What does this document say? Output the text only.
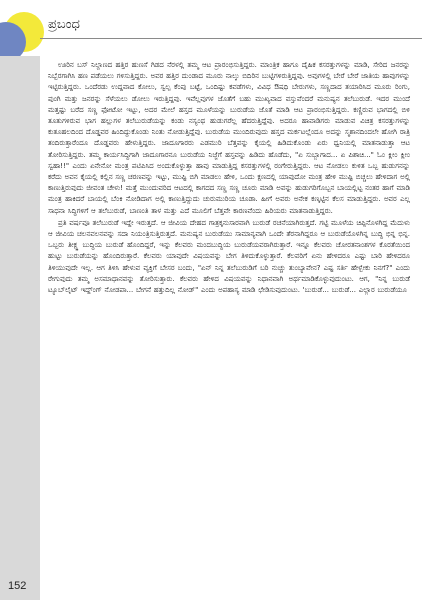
ಪ್ರಬಂಧ

ಊರಿನ ಬಸ್ ನಿಲ್ದಾಣದ ಹತ್ತಿರ ಹುಣಸೆ ಗಿಡದ ನೆರಳಲ್ಲಿ ತಮ್ಮ ಆಟ ಪ್ರಾರಂಭಿಸುತ್ತಿದ್ದರು. ಮಾಂತ್ರಿಕ ಹಾಗೂ ದೈಹಿಕ ಕಸರತ್ತುಗಳನ್ನು ಮಾಡಿ, ಸೇರಿದ ಜನರನ್ನು ನಿಬ್ಬೆರಗಾಗಿಸಿ ಹಣ ಪಡೆಯಲು ಗಳಿಸುತ್ತಿದ್ದರು. ಅವರ ಹತ್ತಿರ ದುಂಡಾದ ಮೂರು ನಾಲ್ಕು ಬಿದಿರಿನ ಬುಟ್ಟಿಗಳಿರುತ್ತಿದ್ದವು. ಅವುಗಳಲ್ಲಿ ಬೇರೆ ಬೇರೆ ಜಾತಿಯ ಹಾವುಗಳನ್ನು ಇಟ್ಟಿರುತ್ತಿದ್ದರು. ಒಂದೆರಡು ಉದ್ದವಾದ ಕೋಲು, ಸ್ವಲ್ಪ ಕೆಂಪು ಬಟ್ಟೆ, ಒಂದಿಷ್ಟು ಕವಡೆಗಳು, ವಿವಿಧ ಔಷಧಿ ಬೇರುಗಳು, ಸಣ್ಣದಾದ ತಯಾರಿಸಿದ ಮೂರು ರಿಂಗು, ಪುಂಗಿ ಮತ್ತು ಜನರನ್ನು ಸೆಳೆಯಲು ಡೋಲು ಇರುತ್ತಿದ್ದವು. ಇವೆಲ್ಲವುಗಳ ಜೊತೆಗೆ ಬಹು ಮುಖ್ಯವಾದ ವಸ್ತುವೆಂದರೆ ಮನುಷ್ಯನ ತಲೆಬುರುಡೆ. ಇದರ ಮುಂದೆ ಮತ್ತಷ್ಟು ಬರೆದ ಸಣ್ಣ ಫೋಟೋ ಇಟ್ಟು, ಅದರ ಮೇಲೆ ಹಸ್ತದ ಮೂಳೆಯನ್ನು ಬುರುಡೆಯ ಜೊತೆ ಮಾಡಿ ಆಟ ಪ್ರಾರಂಭಿಸುತ್ತಿದ್ದರು. ಕಣ್ಣಿರುವ ಭಾಗದಲ್ಲಿ ಬಿಳಿ ತೂತುಗಳಿರುವ ಭಾಗ ಹಲ್ಲುಗಳ ತಲೆಬುರುಡೆಯನ್ನು ಕಂಡು ನಸ್ಯಂಥ ಹುಡುಗರೆಲ್ಲ ಹೆದರುತ್ತಿದ್ದೆವು. ಅದರೂ ಹಾವಾಡಿಗರು ಮಾಡುವ ವಿಚಿತ್ರ ಕಸರತ್ತುಗಳನ್ನು ಕುತೂಹಲದಿಂದ ದೊಡ್ಡವರ ಹಿಂದಿದ್ದುಕೊಂಡು ನಿಂತು ನೋಡುತ್ತಿದ್ದೆವು. ಬುರುಡೆಯ ಮುಂದಿರುವುದು ಹಸ್ತದ ಮರ್ಕಟಲ್ಲೆಂದೂ ಅದನ್ನು ಸ್ಮಶಾನದಿಂದಲೇ ಹೋಗಿ ರಾತ್ರಿ ತಂದಿರುತ್ತಾರೆಂದೂ ದೊಡ್ಡವರು ಹೇಳುತ್ತಿದ್ದರು. ಜಾದೂಗಾರರು ಎಡಮುರಿ ಬೆತ್ತವನ್ನು ಕೈಯಲ್ಲಿ ಹಿಡಿದುಕೊಂಡು ಏರು ಧ್ವನಿಯಲ್ಲಿ ಮಾತನಾಡುತ್ತಾ ಆಟ ತೋರಿಸುತ್ತಿದ್ದರು. ತಮ್ಮ ಕಾರ್ಯಸಿದ್ಧಿಗಾಗಿ ಜಾದೂಗಾರನೂ ಬುರುಡೆಯ ನಿಜ್ಜೆಗೆ ಹಸ್ತವನ್ನು ಹಿಡಿದು ಹೊಡೆದು, "ಏ ಸುಬ್ಬಾಗಾದ... ಏ ಪಿಶಾಚಿ..." ಓಂ ಕ್ಲೀಂ ಕ್ಲೀಂ ಸ್ವಹಾ!!" ಎಂದು ಏನೇನೋ ಮಂತ್ರ ಪಟಿಪಿಸಿದ ಅಂದುಕೊಳ್ಳುತ್ತಾ ಹಾವು ಮಾಡುತ್ತಿದ್ದ ಕಸರತ್ತುಗಳಲ್ಲಿ ರಂಗೇರುತ್ತಿದ್ದರು. ಆಟ ನೋಡಲು ಕುಳಿತ ಒಬ್ಬ ಹುಡುಗನನ್ನು ಕರೆದು ಅವನ ಕೈಯಲ್ಲಿ ಕಲ್ಲಿನ ಸಣ್ಣ ಚರಣವನ್ನು ಇಟ್ಟು, ಮುಷ್ಟಿ ಬಿಗಿ ಮಾಡಲು ಹೇಳಿ, ಒಂದು ಕ್ಷಣದಲ್ಲಿ ಯಾವುದೋ ಮಂತ್ರ ಹೇಳಿ ಮುಷ್ಟಿ ಬಿಚ್ಚಲು ಹೇಳಿದಾಗ ಅಲ್ಲಿ ಕಾಣುತ್ತಿರುವುದು ಜೀವಂತ ಚೇಳು! ಮತ್ತೆ ಮುಂದುವರಿದ ಆಟದಲ್ಲಿ ಕಾಗದದ ಸಣ್ಣ ಸಣ್ಣ ಚೂರು ಮಾಡಿ ಅವನ್ನು ಹುಡುಗರಿಗೊಬ್ಬನ ಬಾಯಲ್ಲಿಟ್ಟ ನಂತರ ಹಾಗೆ ಮಾಡಿ ಮಂತ್ರ ಹಾಕಿದರೆ ಬಾಯಲ್ಲಿ ಬೆಂಕಿ ನೋಡಿದಾಗ ಅಲ್ಲಿ ಕಾಣುತ್ತಿದ್ದುದು ಚುರುಮುರಿಯ ಚೂಡಾ. ಹೀಗೆ ಅವರು ಅನೇಕ ಕಣ್ಕಟ್ಟಿನ ಕೆಲಸ ಮಾಡುತ್ತಿದ್ದರು. ಅವರ ಎಲ್ಲ ಸಾಧನಾ ಸಿದ್ಧಿಗಳಿಗೆ ಆ ತಲೆಬುರುಡೆ, ಬಾಣಂತಿ ತಾಳ ಮತ್ತು ಎದೆ ಮೂಲಿಗೆ ಬೆತ್ತವೇ ಕಾರಣವೆಂದು ಹಿರಿಯರು ಮಾತನಾಡುತ್ತಿದ್ದರು.

ಪ್ರತಿ ವರ್ಷವೂ ತಲೆಬುರುಡೆ ಇದ್ದೇ ಇರುತ್ತದೆ. ಆ ಜೀವಿಯ ದೇಹದ ಗಾತ್ರಕ್ಕನುಸಾರವಾಗಿ ಬುರುಡೆ ರಚನೆಯಾಗಿರುತ್ತದೆ. ಗಟ್ಟಿ ಮೂಳೆಯ ಚಿಪ್ಪಿನೊಳಗಿದ್ದ ಮೆದುಳು ಆ ಜೀವಿಯ ಚಲನವಲನವನ್ನು ಸದಾ ನಿಯಂತ್ರಿಸುತ್ತಿರುತ್ತದೆ. ಮನುಷ್ಯನ ಬುರುಡೆಯು ಸಾಮಾನ್ಯವಾಗಿ ಒಂದೇ ತೆರನಾಗಿದ್ದರೂ ಆ ಬುರುಡೆಯೊಳಗಿನ್ನ ಬುದ್ಧಿ ಭಿನ್ನ ಭಿನ್ನ. ಒಬ್ಬರು ತೀಕ್ಷ್ಣ ಬುದ್ಧಿಯ ಬುರುಡೆ ಹೊಂದಿದ್ದರೆ, ಇನ್ನು ಕೆಲವರು ಮಂದಬುದ್ಧಿಯ ಬುರುಡೆಯವರಾಗಿರುತ್ತಾರೆ. ಇನ್ನೂ ಕೆಲವರು ಚೋರತನಾಂಶಗಳ ಕೊರತೆಯಿಂದ ಹುಟ್ಟು ಬುರುಡೆಯನ್ನು ಹೊಂದಿರುತ್ತಾರೆ. ಕೆಲವರು ಯಾವುದೇ ವಿಷಯವನ್ನು ಬೇಗ ತಿಳಿದುಕೊಳ್ಳುತ್ತಾರೆ. ಕೆಲವರಿಗೆ ಏನು ಹೇಳಿದರೂ ಎಷ್ಟು ಬಾರಿ ಹೇಳಿದರೂ ತಿಳಿಯುವುದೇ ಇಲ್ಲ. ಆಗ ತಿಳಿಸಿ ಹೇಳುವ ವ್ಯಕ್ತಿಗೆ ಬೇಸರ ಬಂದು, "ಏನ್ ನಿನ್ನ ತಲೆಬುರುಡಿಗೆ ಬರಿ ನುಚ್ಚು ತುಂಬ್ಯಾವೇನ? ಎಷ್ಟ ಸರ್ತಿ ಹೇಳ್ಬೇಕು ನಿನಗೆ?" ಎಂದು ರೇಗುವುದು ತಮ್ಮ ಅಸಮಾಧಾನವನ್ನು ತೋರಿಸುತ್ತಾರು. ಕೆಲವರು ಹೇಳಿದ ವಿಷಯವನ್ನು ನಿಧಾನವಾಗಿ ಅರ್ಥಮಾಡಿಕೊಳ್ಳುವುದುಂಟು. ಆಗ, "ನಿನ್ನ ಬುರುಡೆ ಟ್ಯೂಬ್‌ಲೈಟ್ ಇದ್ದ್‌ಂಗ್ ನೋಡಪಾ... ಬೇಗನೆ ಹತ್ತುದಿಲ್ಲ ನೋಡ್" ಎಂದು ಅಪಹಾಸ್ಯ ಮಾಡಿ ಛೇಡಿಸುವುದುಂಟು. 'ಬುರುಡೆ... ಬುರುಡೆ... ಎಲ್ಲಾರ ಬುರುಡೆಯೂ

152
